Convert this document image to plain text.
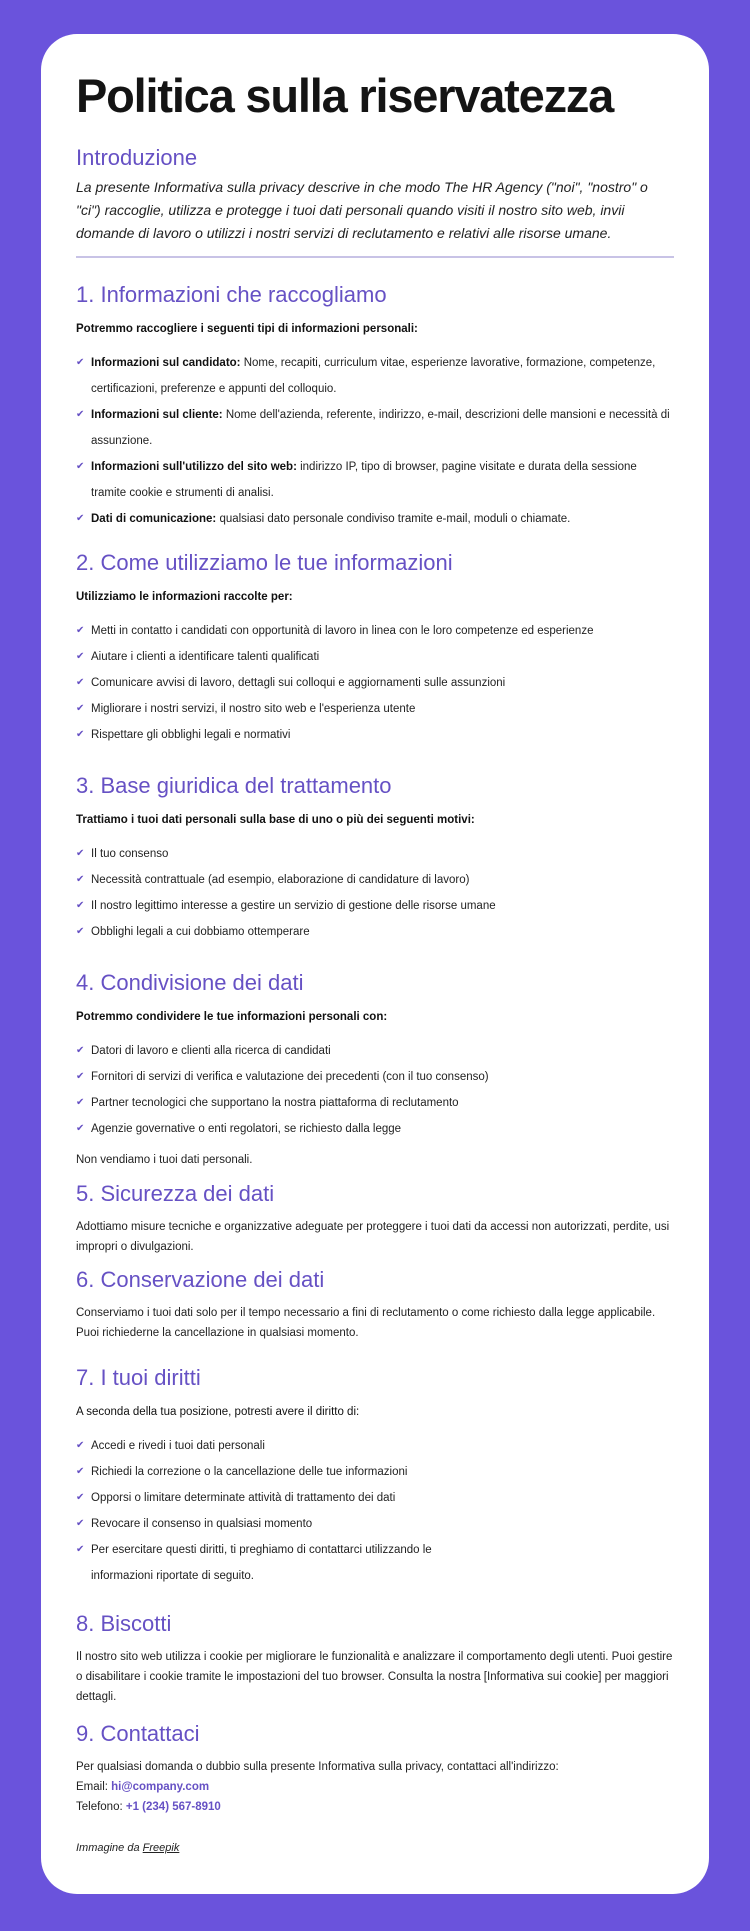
Politica sulla riservatezza
Introduzione

La presente Informativa sulla privacy descrive in che modo The HR Agency ("noi", "nostro" o "ci") raccoglie, utilizza e protegge i tuoi dati personali quando visiti il nostro sito web, invii domande di lavoro o utilizzi i nostri servizi di reclutamento e relativi alle risorse umane.

1. Informazioni che raccogliamo
Potremmo raccogliere i seguenti tipi di informazioni personali:
✔ Informazioni sul candidato: Nome, recapiti, curriculum vitae, esperienze lavorative, formazione, competenze, certificazioni, preferenze e appunti del colloquio.
✔ Informazioni sul cliente: Nome dell'azienda, referente, indirizzo, e-mail, descrizioni delle mansioni e necessità di assunzione.
✔ Informazioni sull'utilizzo del sito web: indirizzo IP, tipo di browser, pagine visitate e durata della sessione tramite cookie e strumenti di analisi.
✔ Dati di comunicazione: qualsiasi dato personale condiviso tramite e-mail, moduli o chiamate.
2. Come utilizziamo le tue informazioni
Utilizziamo le informazioni raccolte per:
✔ Metti in contatto i candidati con opportunità di lavoro in linea con le loro competenze ed esperienze
✔ Aiutare i clienti a identificare talenti qualificati
✔ Comunicare avvisi di lavoro, dettagli sui colloqui e aggiornamenti sulle assunzioni
✔ Migliorare i nostri servizi, il nostro sito web e l'esperienza utente
✔ Rispettare gli obblighi legali e normativi
3. Base giuridica del trattamento
Trattiamo i tuoi dati personali sulla base di uno o più dei seguenti motivi:
✔ Il tuo consenso
✔ Necessità contrattuale (ad esempio, elaborazione di candidature di lavoro)
✔ Il nostro legittimo interesse a gestire un servizio di gestione delle risorse umane
✔ Obblighi legali a cui dobbiamo ottemperare
4. Condivisione dei dati
Potremmo condividere le tue informazioni personali con:
✔ Datori di lavoro e clienti alla ricerca di candidati
✔ Fornitori di servizi di verifica e valutazione dei precedenti (con il tuo consenso)
✔ Partner tecnologici che supportano la nostra piattaforma di reclutamento
✔ Agenzie governative o enti regolatori, se richiesto dalla legge

Non vendiamo i tuoi dati personali.

5. Sicurezza dei dati

Adottiamo misure tecniche e organizzative adeguate per proteggere i tuoi dati da accessi non autorizzati, perdite, usi impropri o divulgazioni.

6. Conservazione dei dati

Conserviamo i tuoi dati solo per il tempo necessario a fini di reclutamento o come richiesto dalla legge applicabile. Puoi richiederne la cancellazione in qualsiasi momento.

7. I tuoi diritti

A seconda della tua posizione, potresti avere il diritto di:

✔ Accedi e rivedi i tuoi dati personali
✔ Richiedi la correzione o la cancellazione delle tue informazioni
✔ Opporsi o limitare determinate attività di trattamento dei dati
✔ Revocare il consenso in qualsiasi momento
✔ Per esercitare questi diritti, ti preghiamo di contattarci utilizzando le informazioni riportate di seguito.
8. Biscotti

Il nostro sito web utilizza i cookie per migliorare le funzionalità e analizzare il comportamento degli utenti. Puoi gestire o disabilitare i cookie tramite le impostazioni del tuo browser. Consulta la nostra [Informativa sui cookie] per maggiori dettagli.

9. Contattaci

Per qualsiasi domanda o dubbio sulla presente Informativa sulla privacy, contattaci all'indirizzo:

Email: hi@company.com

Telefono: +1 (234) 567-8910

Immagine da Freepik
